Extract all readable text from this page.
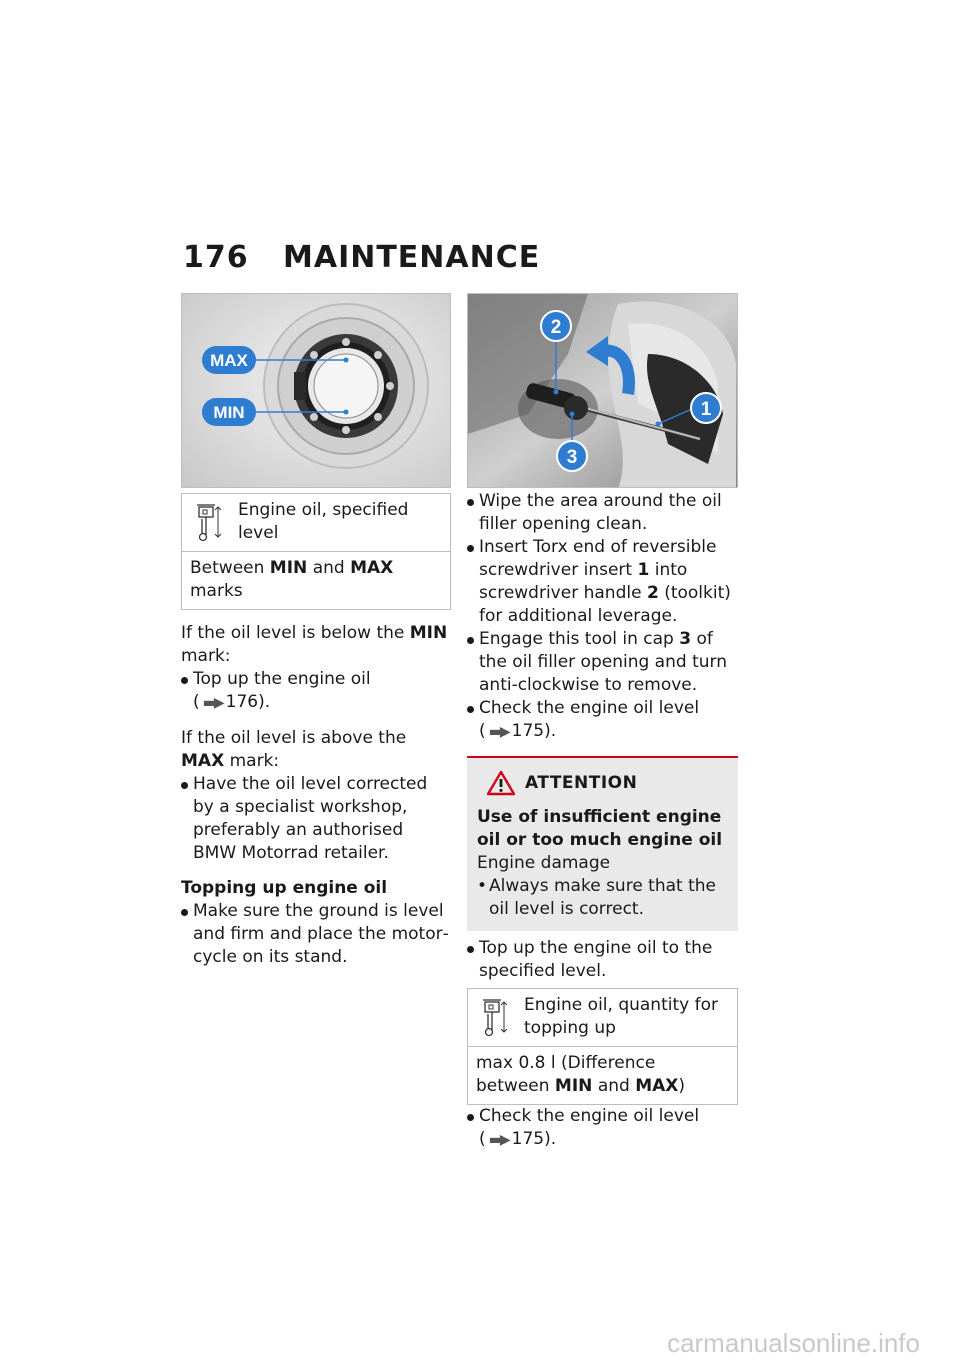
176 MAINTENANCE
MAX
MIN
Engine oil, specified level
Between MIN and MAX marks

If the oil level is below the MIN mark:

Top up the engine oil
( ▬▶ 176).

If the oil level is above the MAX mark:

Have the oil level corrected by a specialist workshop, preferably an authorised BMW Motorrad retailer.

Topping up engine oil

Make sure the ground is level and firm and place the motorcycle on its stand.
2
1
3
Wipe the area around the oil filler opening clean.
Insert Torx end of reversible screwdriver insert 1 into screwdriver handle 2 (toolkit) for additional leverage.
Engage this tool in cap 3 of the oil filler opening and turn anti-clockwise to remove.
Check the engine oil level
( ▬▶ 175).
ATTENTION

Use of insufficient engine oil or too much engine oil

Engine damage

• Always make sure that the oil level is correct.
Top up the engine oil to the specified level.
Engine oil, quantity for topping up
max 0.8 l (Difference between MIN and MAX)
Check the engine oil level
( ▬▶ 175).
carmanualsonline.info
